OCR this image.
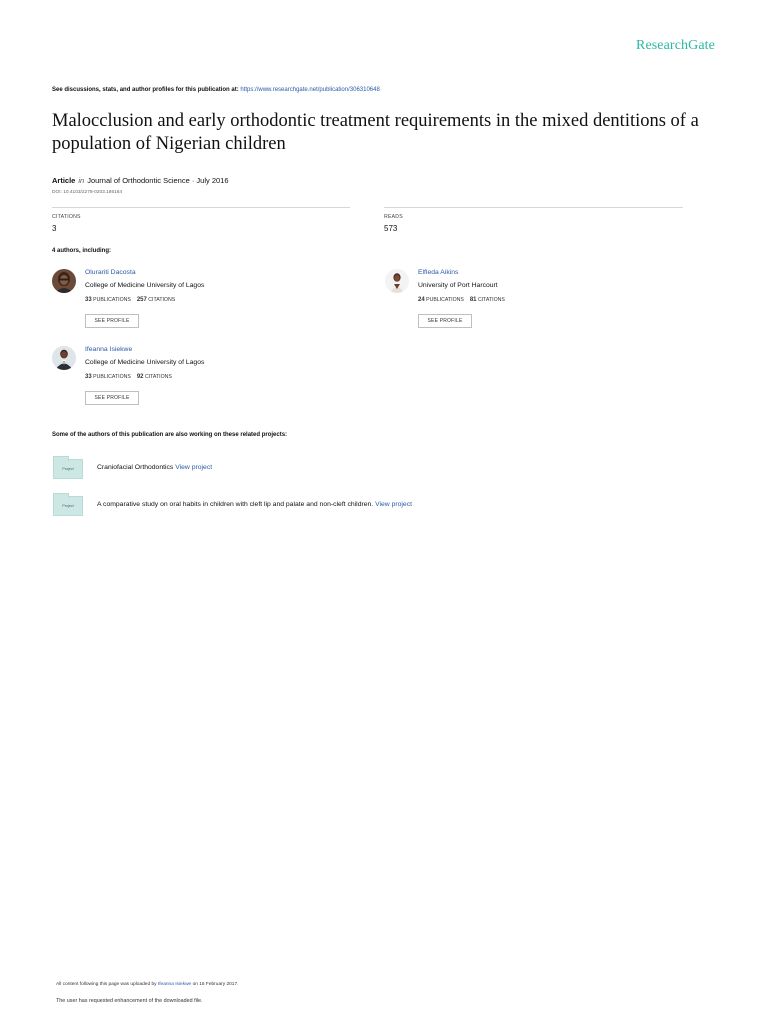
ResearchGate
See discussions, stats, and author profiles for this publication at: https://www.researchgate.net/publication/306310648
Malocclusion and early orthodontic treatment requirements in the mixed dentitions of a population of Nigerian children
Article in Journal of Orthodontic Science · July 2016
DOI: 10.4103/2278-0203.186164
CITATIONS
3
READS
573
4 authors, including:
Olurariti Dacosta
College of Medicine University of Lagos
33 PUBLICATIONS 257 CITATIONS
SEE PROFILE
Elfleda Aikins
University of Port Harcourt
24 PUBLICATIONS 81 CITATIONS
SEE PROFILE
Ifeanna Isiekwe
College of Medicine University of Lagos
33 PUBLICATIONS 92 CITATIONS
SEE PROFILE
Some of the authors of this publication are also working on these related projects:
Project	Craniofacial Orthodontics View project
Project	A comparative study on oral habits in children with cleft lip and palate and non-cleft children. View project
All content following this page was uploaded by Ifeanna Isiekwe on 15 February 2017.
The user has requested enhancement of the downloaded file.
